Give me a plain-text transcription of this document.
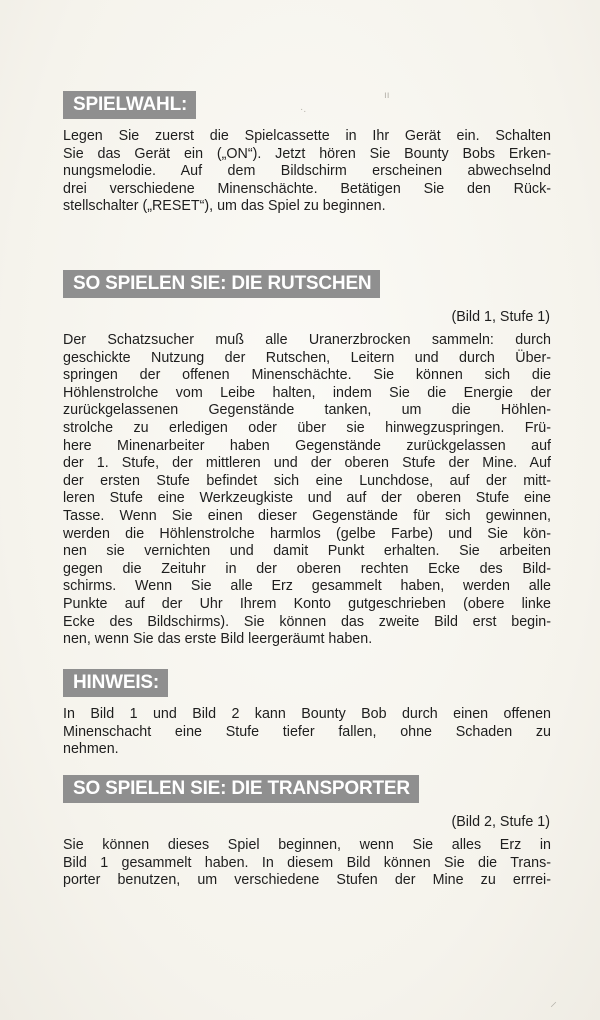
ıı
·.
⸝
SPIELWAHL:

Legen Sie zuerst die Spielcassette in Ihr Gerät ein. Schalten
Sie das Gerät ein („ON“). Jetzt hören Sie Bounty Bobs Erken-
nungsmelodie. Auf dem Bildschirm erscheinen abwechselnd
drei verschiedene Minenschächte. Betätigen Sie den Rück-
stellschalter („RESET“), um das Spiel zu beginnen.

SO SPIELEN SIE: DIE RUTSCHEN
(Bild 1, Stufe 1)

Der Schatzsucher muß alle Uranerzbrocken sammeln: durch
geschickte Nutzung der Rutschen, Leitern und durch Über-
springen der offenen Minenschächte. Sie können sich die
Höhlenstrolche vom Leibe halten, indem Sie die Energie der
zurückgelassenen Gegenstände tanken, um die Höhlen-
strolche zu erledigen oder über sie hinwegzuspringen. Frü-
here Minenarbeiter haben Gegenstände zurückgelassen auf
der 1. Stufe, der mittleren und der oberen Stufe der Mine. Auf
der ersten Stufe befindet sich eine Lunchdose, auf der mitt-
leren Stufe eine Werkzeugkiste und auf der oberen Stufe eine
Tasse. Wenn Sie einen dieser Gegenstände für sich gewinnen,
werden die Höhlenstrolche harmlos (gelbe Farbe) und Sie kön-
nen sie vernichten und damit Punkt erhalten. Sie arbeiten
gegen die Zeituhr in der oberen rechten Ecke des Bild-
schirms. Wenn Sie alle Erz gesammelt haben, werden alle
Punkte auf der Uhr Ihrem Konto gutgeschrieben (obere linke
Ecke des Bildschirms). Sie können das zweite Bild erst begin-
nen, wenn Sie das erste Bild leergeräumt haben.

HINWEIS:

In Bild 1 und Bild 2 kann Bounty Bob durch einen offenen
Minenschacht eine Stufe tiefer fallen, ohne Schaden zu
nehmen.

SO SPIELEN SIE: DIE TRANSPORTER
(Bild 2, Stufe 1)

Sie können dieses Spiel beginnen, wenn Sie alles Erz in
Bild 1 gesammelt haben. In diesem Bild können Sie die Trans-
porter benutzen, um verschiedene Stufen der Mine zu errrei-
